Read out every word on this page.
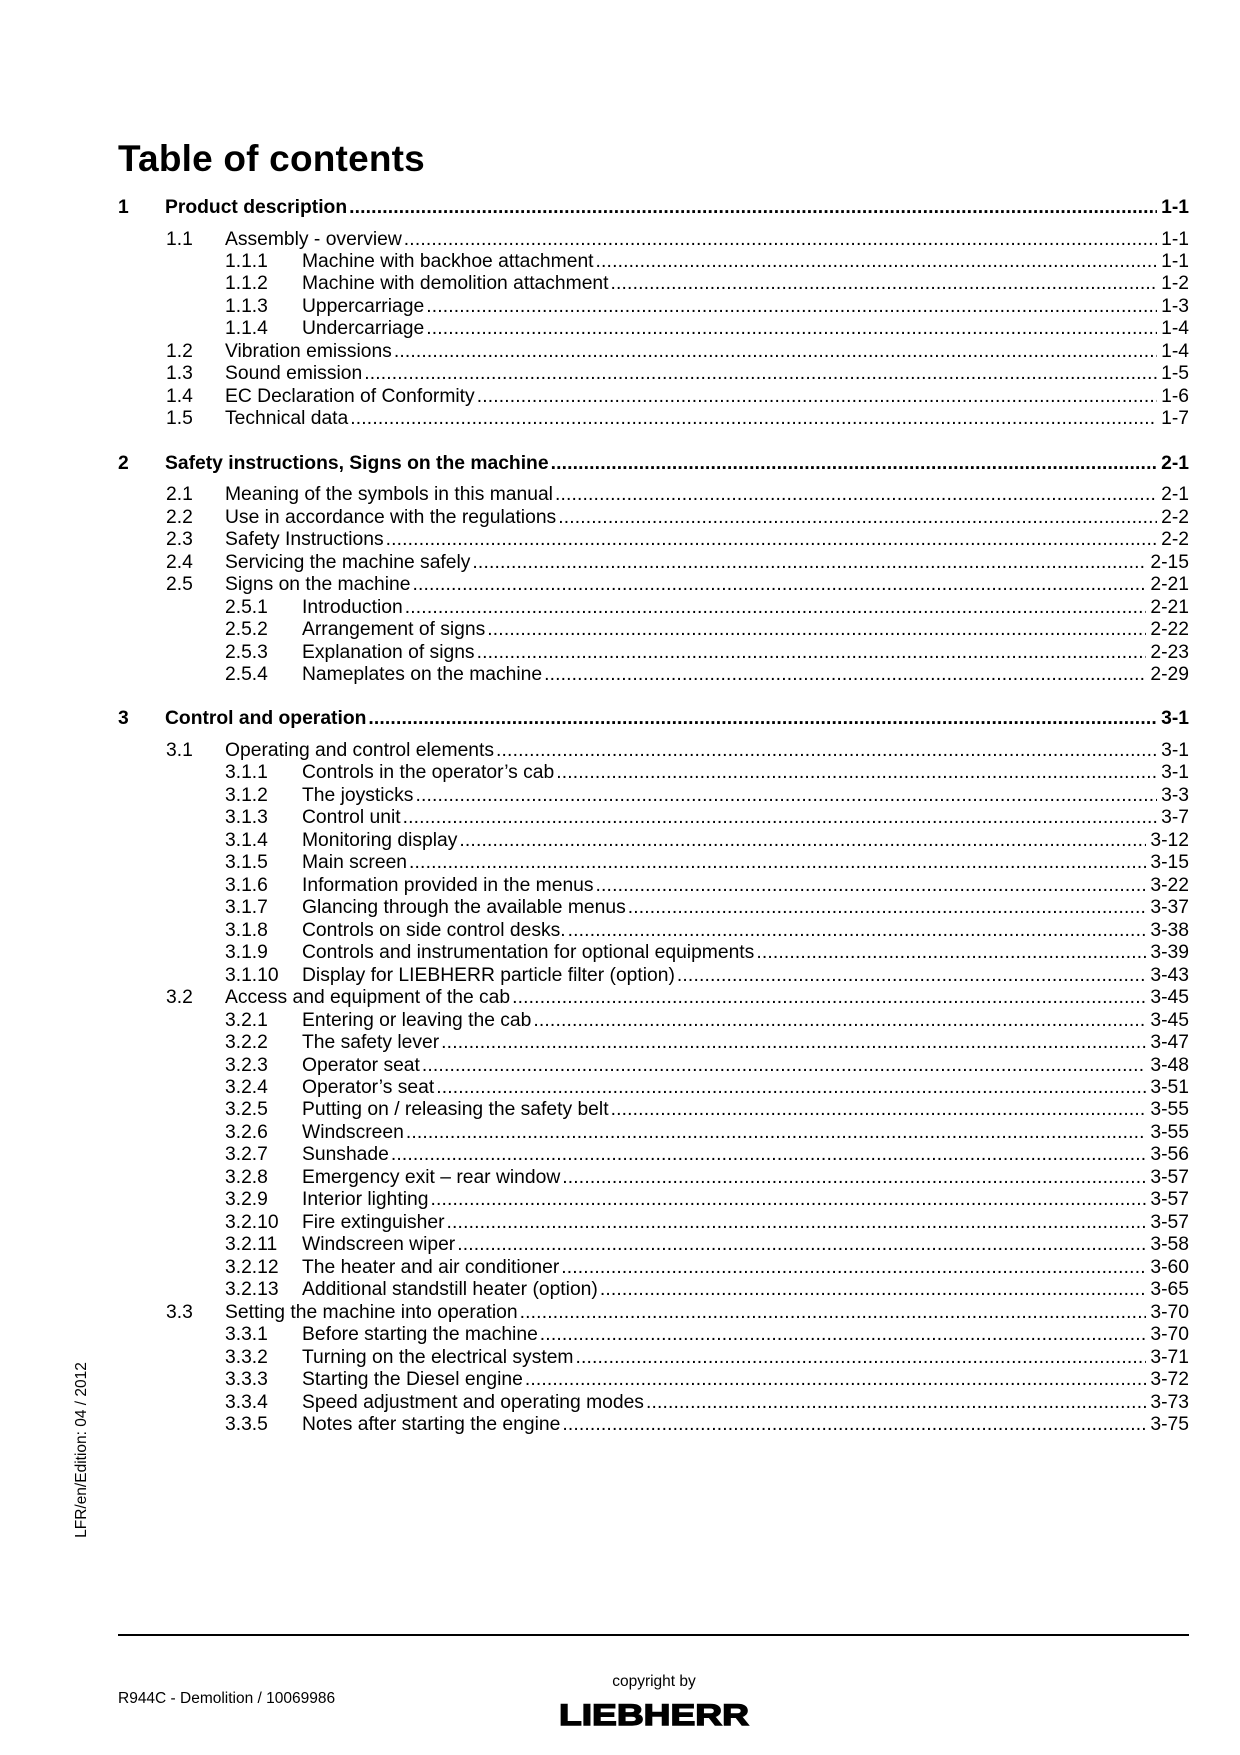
Table of contents
1	Product description . . .	1-1
1.1	Assembly - overview . . .	1-1
1.1.1	Machine with backhoe attachment . . .	1-1
1.1.2	Machine with demolition attachment . . .	1-2
1.1.3	Uppercarriage . . .	1-3
1.1.4	Undercarriage . . .	1-4
1.2	Vibration emissions . . .	1-4
1.3	Sound emission . . .	1-5
1.4	EC Declaration of Conformity . . .	1-6
1.5	Technical data . . .	1-7
2	Safety instructions, Signs on the machine . . .	2-1
2.1	Meaning of the symbols in this manual . . .	2-1
2.2	Use in accordance with the regulations . . .	2-2
2.3	Safety Instructions . . .	2-2
2.4	Servicing the machine safely . . .	2-15
2.5	Signs on the machine . . .	2-21
2.5.1	Introduction . . .	2-21
2.5.2	Arrangement of signs . . .	2-22
2.5.3	Explanation of signs . . .	2-23
2.5.4	Nameplates on the machine . . .	2-29
3	Control and operation . . .	3-1
3.1	Operating and control elements . . .	3-1
3.1.1	Controls in the operator’s cab . . .	3-1
3.1.2	The joysticks . . .	3-3
3.1.3	Control unit . . .	3-7
3.1.4	Monitoring display . . .	3-12
3.1.5	Main screen . . .	3-15
3.1.6	Information provided in the menus . . .	3-22
3.1.7	Glancing through the available menus . . .	3-37
3.1.8	Controls on side control desks. . . .	3-38
3.1.9	Controls and instrumentation for optional equipments . . .	3-39
3.1.10	Display for LIEBHERR particle filter (option) . . .	3-43
3.2	Access and equipment of the cab . . .	3-45
3.2.1	Entering or leaving the cab . . .	3-45
3.2.2	The safety lever . . .	3-47
3.2.3	Operator seat . . .	3-48
3.2.4	Operator’s seat . . .	3-51
3.2.5	Putting on / releasing the safety belt . . .	3-55
3.2.6	Windscreen . . .	3-55
3.2.7	Sunshade . . .	3-56
3.2.8	Emergency exit – rear window . . .	3-57
3.2.9	Interior lighting . . .	3-57
3.2.10	Fire extinguisher . . .	3-57
3.2.11	Windscreen wiper . . .	3-58
3.2.12	The heater and air conditioner . . .	3-60
3.2.13	Additional standstill heater (option) . . .	3-65
3.3	Setting the machine into operation . . .	3-70
3.3.1	Before starting the machine . . .	3-70
3.3.2	Turning on the electrical system . . .	3-71
3.3.3	Starting the Diesel engine . . .	3-72
3.3.4	Speed adjustment and operating modes . . .	3-73
3.3.5	Notes after starting the engine . . .	3-75
R944C - Demolition / 10069986
copyright by
LIEBHERR
LFR/en/Edition: 04 / 2012
